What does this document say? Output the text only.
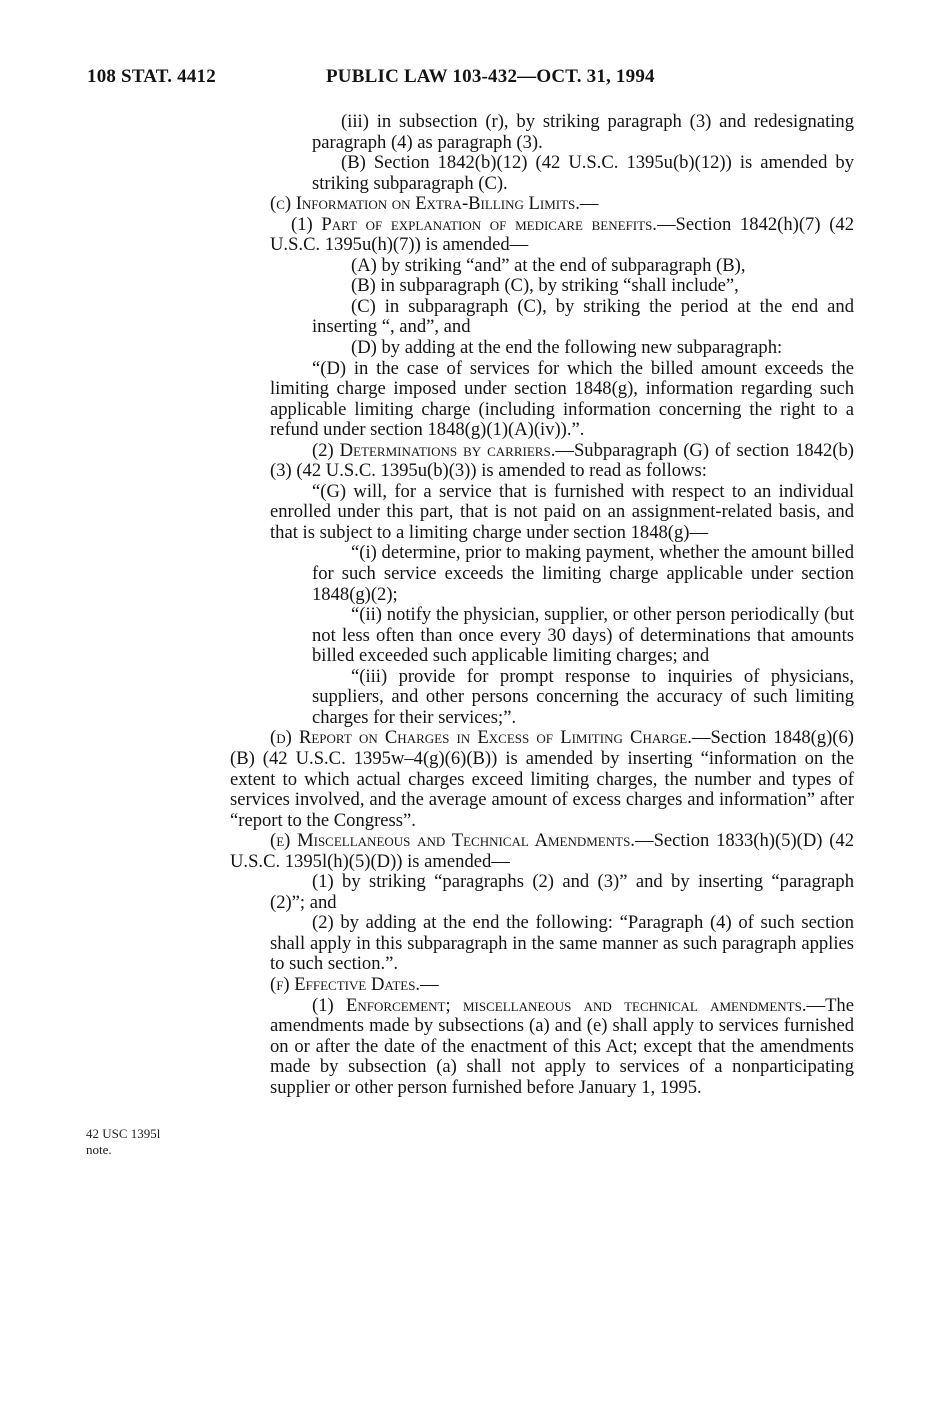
108 STAT. 4412	PUBLIC LAW 103-432—OCT. 31, 1994
42 USC 1395l
note.

(iii) in subsection (r), by striking paragraph (3) and redesignating paragraph (4) as paragraph (3).

(B) Section 1842(b)(12) (42 U.S.C. 1395u(b)(12)) is amended by striking subparagraph (C).

(c) Information on Extra-Billing Limits.—

(1) Part of explanation of medicare benefits.—Section 1842(h)(7) (42 U.S.C. 1395u(h)(7)) is amended—

(A) by striking “and” at the end of subparagraph (B),

(B) in subparagraph (C), by striking “shall include”,

(C) in subparagraph (C), by striking the period at the end and inserting “, and”, and

(D) by adding at the end the following new subparagraph:

“(D) in the case of services for which the billed amount exceeds the limiting charge imposed under section 1848(g), information regarding such applicable limiting charge (including information concerning the right to a refund under section 1848(g)(1)(A)(iv)).”.

(2) Determinations by carriers.—Subparagraph (G) of section 1842(b)(3) (42 U.S.C. 1395u(b)(3)) is amended to read as follows:

“(G) will, for a service that is furnished with respect to an individual enrolled under this part, that is not paid on an assignment-related basis, and that is subject to a limiting charge under section 1848(g)—

“(i) determine, prior to making payment, whether the amount billed for such service exceeds the limiting charge applicable under section 1848(g)(2);

“(ii) notify the physician, supplier, or other person periodically (but not less often than once every 30 days) of determinations that amounts billed exceeded such applicable limiting charges; and

“(iii) provide for prompt response to inquiries of physicians, suppliers, and other persons concerning the accuracy of such limiting charges for their services;”.

(d) Report on Charges in Excess of Limiting Charge.—Section 1848(g)(6)(B) (42 U.S.C. 1395w–4(g)(6)(B)) is amended by inserting “information on the extent to which actual charges exceed limiting charges, the number and types of services involved, and the average amount of excess charges and information” after “report to the Congress”.

(e) Miscellaneous and Technical Amendments.—Section 1833(h)(5)(D) (42 U.S.C. 1395l(h)(5)(D)) is amended—

(1) by striking “paragraphs (2) and (3)” and by inserting “paragraph (2)”; and

(2) by adding at the end the following: “Paragraph (4) of such section shall apply in this subparagraph in the same manner as such paragraph applies to such section.”.

(f) Effective Dates.—

(1) Enforcement; miscellaneous and technical amendments.—The amendments made by subsections (a) and (e) shall apply to services furnished on or after the date of the enactment of this Act; except that the amendments made by subsection (a) shall not apply to services of a nonparticipating supplier or other person furnished before January 1, 1995.
